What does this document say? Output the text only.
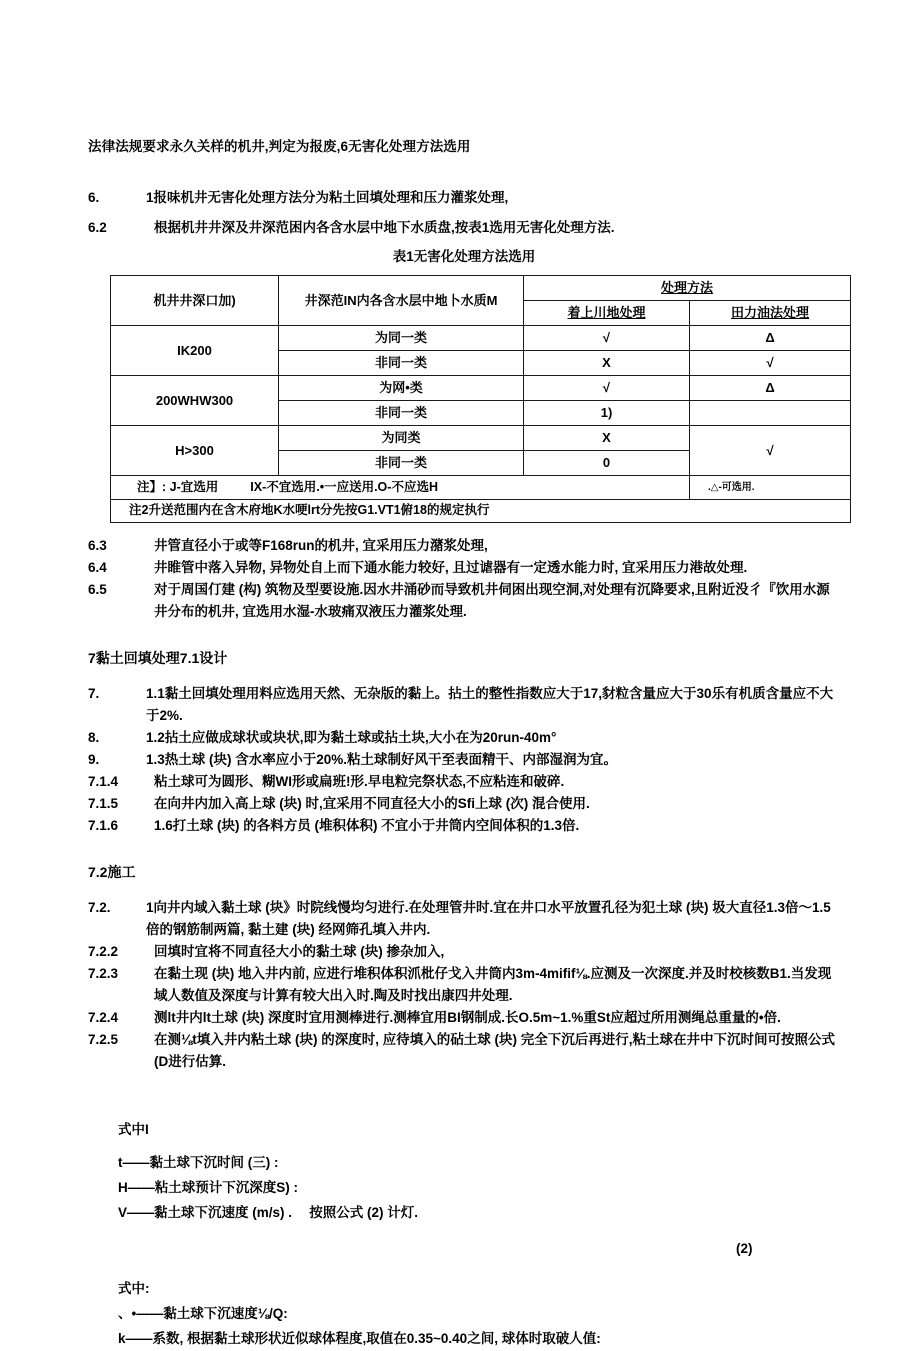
法律法规要求永久关样的机井,判定为报废,6无害化处理方法选用
6.	1报味机井无害化处理方法分为粘土回填处理和压力灌浆处理,
6.2	根据机井井深及井深范困内各含水层中地下水质盘,按表1选用无害化处理方法.
表1无害化处理方法选用
机井井深口加)	井深范IN内各含水层中地卜水质M	处理方法	
		着上川地处理	田力油法处理
IK200	为同一类	√	Δ
	非同一类	X	√
200WHW300	为网•类	√	Δ
	非同一类	1)	
H>300	为同类	X	√
	非同一类	0	
注】: J-宜选用 IX-不宜选用.•一应送用.O-不应选H			.△-可选用.
注2升送范围内在含木府地K水哽lrt分先按G1.VT1俯18的规定执行			
6.3	井管直径小于或等F168run的机井, 宜采用压力潴浆处理,
6.4	井睢管中落入异物, 异物处自上而下通水能力较好, 且过谑器有一定透水能力时, 宜采用压力港故处理.
6.5	对于周国仃建 (构) 筑物及型要设施.因水井涌砂而导致机井伺困出现空洞,对处理有沉降要求,且附近没彳『饮用水源井分布的机井, 宜选用水湿-水玻痛双液压力灌浆处理.
7黏土回填处理7.1设计
7.	1.1黏土回填处理用料应选用天然、无杂版的黏上。拈土的整性指数应大于17,豺粒含量应大于30乐有机质含量应不大于2%.
8.	1.2拈土应做成球状或块状,即为黏土球或拈土块,大小在为20run-40m°
9.	1.3热土球 (块) 含水率应小于20%.粘土球制好风干至表面精干、内部湿润为宜。
7.1.4	粘土球可为圆形、糊WI形或扁班!形.早电粒完祭状态,不应粘连和破碎.
7.1.5	在向井内加入高上球 (块) 时,宜采用不同直径大小的Sfi上球 (次) 混合使用.
7.1.6	1.6打土球 (块) 的各料方员 (堆积体积) 不宜小于井筒内空间体积的1.3倍.
7.2施工
7.2.	1向井内域入黏土球 (块》时院线慢均匀进行.在处理管井时.宜在井口水平放置孔径为犯土球 (块) 圾大直径1.3倍〜1.5倍的钢筋制两篇, 黏土建 (块) 经网筛孔填入井内.
7.2.2	回填时宜将不同直径大小的黏土球 (块) 掺杂加入,
7.2.3	在黏土现 (块) 地入井内前, 应进行堆积体积沠枇仔戈入井筒内3m-4mifif⅛.应测及一次深度.并及时校核数B1.当发现域人数值及深度与计算有较大出入时.陶及时找出康四井处理.
7.2.4	测lt井内lt土球 (块) 深度时宜用测棒进行.测棒宜用BI钢制成.长O.5m~1.%重St应超过所用测绳总重量的•倍.
7.2.5	在测⅛t填入井内粘土球 (块) 的深度时, 应待填入的砧土球 (块) 完全下沉后再进行,粘土球在井中下沉时间可按照公式 (D进行估算.
式中I
t——黏土球下沉时间 (三) :
H——粘土球预计下沉深度S) :
V——黏土球下沉速度 (m/s) .　 按照公式 (2) 计灯.
(2)
式中:
、•——黏土球下沉速度⅛/Q:
k——系数, 根据黏土球形状近似球体程度,取值在0.35~0.40之间, 球体时取破人值:
